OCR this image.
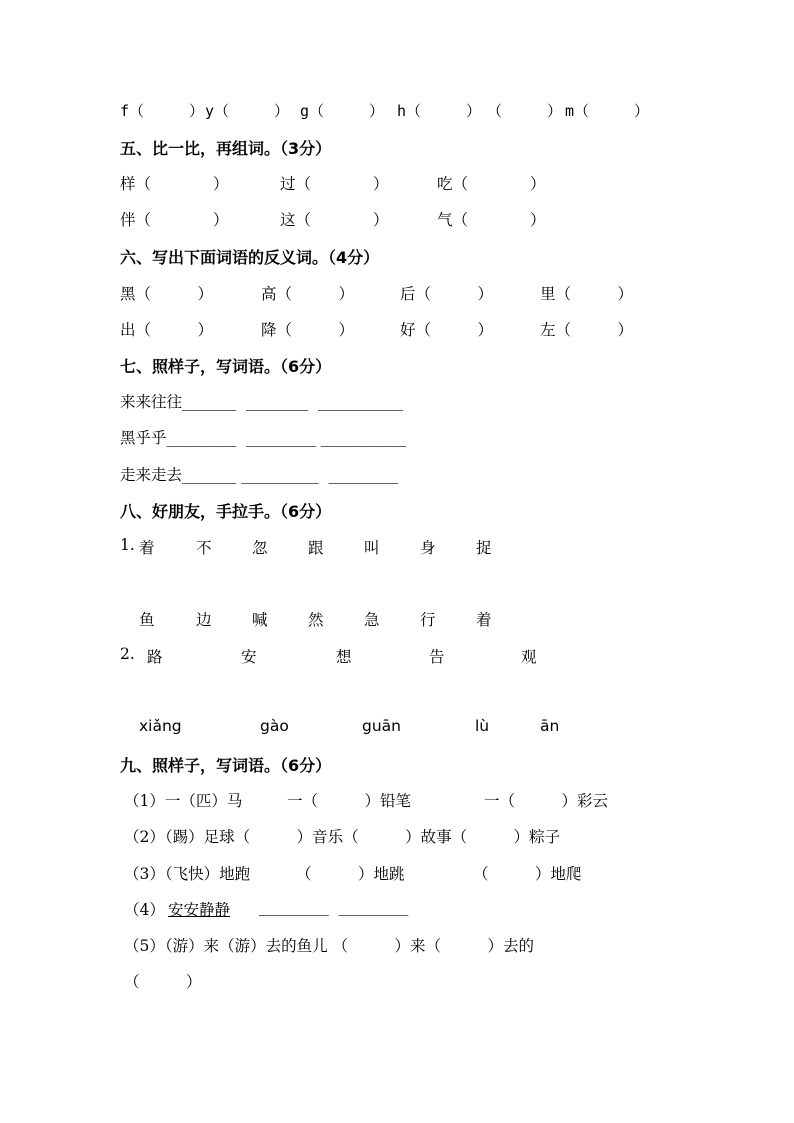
f（　　　） y（　　　） g（　　　） h（　　　） （　　　） m（　　　）
五、比一比，再组词。（3分）
样（　　　　）	过（　　　　）	吃（　　　　）
伴（　　　　）	这（　　　　）	气（　　　　）
六、写出下面词语的反义词。（4分）
黑（　　　）	高（　　　）	后（　　　）	里（　　　）
出（　　　）	降（　　　）	好（　　　）	左（　　　）
七、照样子，写词语。（6分）
来来往往_______  ________  ___________
黑乎乎_________  _________ ___________
走来走去_______ __________  _________
八、好朋友，手拉手。（6分）
1. 着	不	忽	跟	叫	身	捉
鱼	边	喊	然	急	行	着
2. 路	安	想	告	观
xiǎng	gào	guān	lù	ān
九、照样子，写词语。（6分）
（1）一（匹）马	一（　　　）铅笔	一（　　　）彩云
（2）（踢）足球（　　　）音乐（　　　）故事（　　　）粽子
（3）（飞快）地跑	（　　　）地跳	（　　　）地爬
（4） 安安静静 _________  _________
（5）（游）来（游）去的鱼儿 （　　　）来（　　　）去的
（　　　）
